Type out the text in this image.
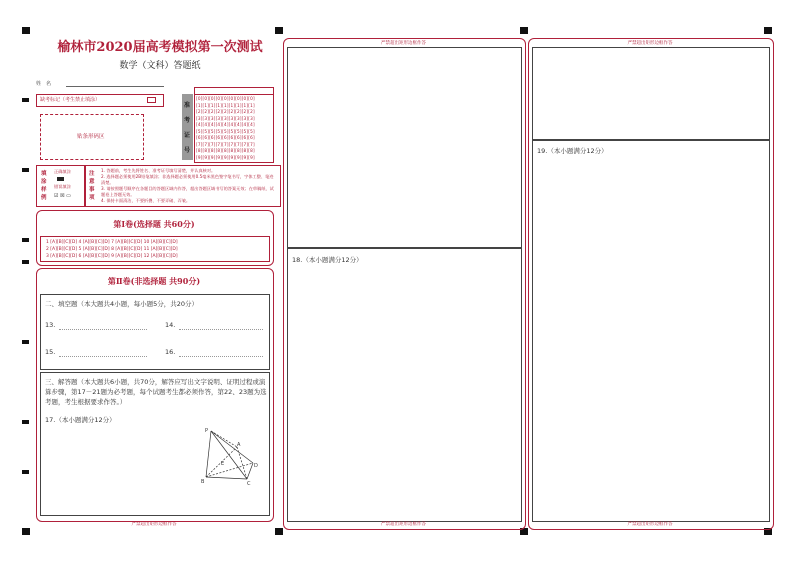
榆林市2020届高考模拟第一次测试
数学（文科）答题纸
姓　名
缺考标记（考生禁止填涂）
贴条形码区
准
考
证
号
[0][0][0][0][0][0][0][0][0]
[1][1][1][1][1][1][1][1][1]
[2][2][2][2][2][2][2][2][2]
[3][3][3][3][3][3][3][3][3]
[4][4][4][4][4][4][4][4][4]
[5][5][5][5][5][5][5][5][5]
[6][6][6][6][6][6][6][6][6]
[7][7][7][7][7][7][7][7][7]
[8][8][8][8][8][8][8][8][8]
[9][9][9][9][9][9][9][9][9]
填
涂
样
例
正确填涂
错误填涂
☑ ☒ ▭
注
意
事
项
1. 答题前，考生先将姓名、准考证号填写清楚，并认真核对。
2. 选择题必须使用2B铅笔填涂；非选择题必须使用0.5毫米黑色签字笔书写，字体工整、笔迹清楚。
3. 请按照题号顺序在各题目的答题区域内作答，超出答题区域书写的答案无效；在草稿纸、试题卷上答题无效。
4. 保持卡面清洁，不要折叠、不要弄破、弄皱。
第Ⅰ卷(选择题 共60分)
1 [A][B][C][D] 4 [A][B][C][D] 7 [A][B][C][D] 10 [A][B][C][D]
2 [A][B][C][D] 5 [A][B][C][D] 8 [A][B][C][D] 11 [A][B][C][D]
3 [A][B][C][D] 6 [A][B][C][D] 9 [A][B][C][D] 12 [A][B][C][D]
第Ⅱ卷(非选择题 共90分)
二、填空题（本大题共4小题，每小题5分，共20分）
13.	14.
15.	16.
三、解答题（本大题共6小题，共70分，解答应写出文字说明、证明过程或演算步骤，第17－21题为必考题，每个试题考生都必须作答，第22、23题为选考题，考生根据要求作答。）
17.（本小题满分12分）
P
A
B	C
D
E
严禁超出矩形边框作答
严禁超出矩形边框作答
18.（本小题满分12分）
严禁超出矩形边框作答
严禁超出矩形边框作答
19.（本小题满分12分）
严禁超出矩形边框作答
